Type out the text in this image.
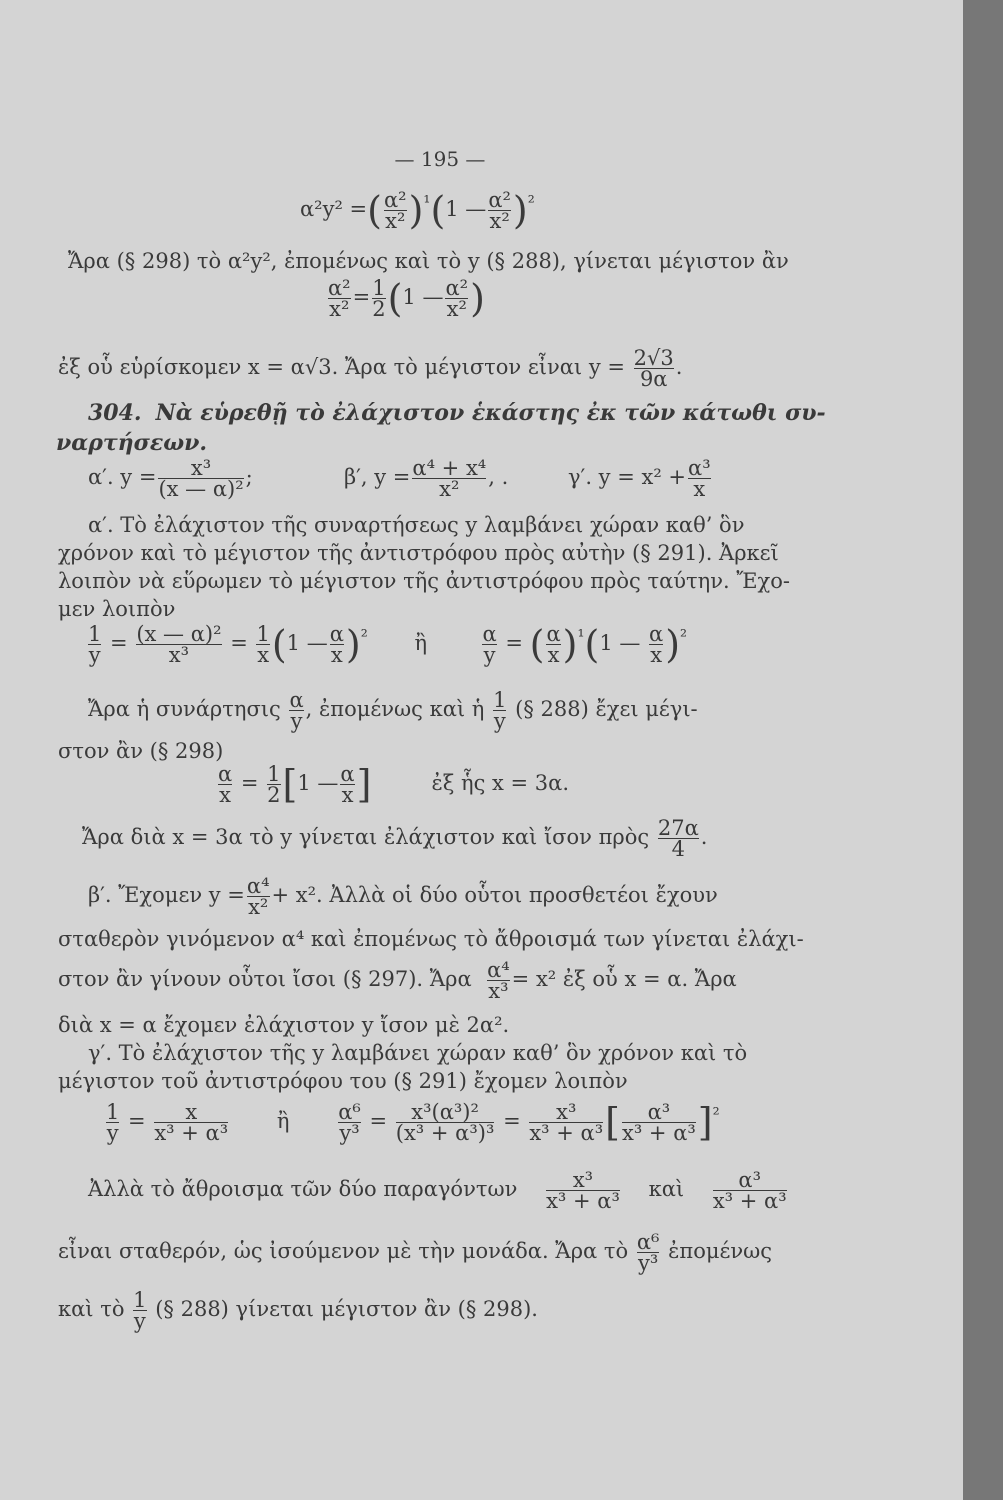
— 195 —
α²y² =( $\frac{\text{α²}}{\text{x²}} )^{^1}(1$ — $\frac{\text{α²}}{\text{x²}} )^{^2}$
Ἄρα (§ 298) τὸ α²y², ἐπομένως καὶ τὸ y (§ 288), γίνεται μέγιστον ἂν
$\frac{\text{α²}}{\text{x²}} = \frac{1}{2} (1$ — $\frac{\text{α²}}{\text{x²}}$ )
ἐξ οὗ εὑρίσκομεν x = α√3. Ἄρα τὸ μέγιστον εἶναι $y = \frac{2√3}{9\alpha}$ .
304. Νὰ εὑρεθῇ τὸ ἐλάχιστον ἑκάστης ἐκ τῶν κάτωθι συ-
ναρτήσεων.
α′. $y = \frac{\text{x³}}{\text{(x — α)²}}$ ;	β′, $y = \frac{\text{α⁴ + x⁴}}{\text{x²}}$ , .	γ′. $y = x^2 + \frac{\text{α³}}{x}$
α′. Τὸ ἐλάχιστον τῆς συναρτήσεως y λαμβάνει χώραν καθ’ ὃν
χρόνον καὶ τὸ μέγιστον τῆς ἀντιστρόφου πρὸς αὐτὴν (§ 291). Ἀρκεῖ
λοιπὸν νὰ εὕρωμεν τὸ μέγιστον τῆς ἀντιστρόφου πρὸς ταύτην. Ἔχο-
μεν λοιπὸν
$\frac{1}{y} = \frac{\text{(x — α)²}}{\text{x³}} = \frac{1}{x} (1$ — $\frac{\alpha}{x} )^{^2}$ ἢ	$\frac{\alpha}{y}$ = ( $\frac{\alpha}{x} )^{^1}(1$ — $\frac{\alpha}{x} )^{^2}$
Ἄρα ἡ συνάρτησις $\frac{\alpha}{y}$ , ἐπομένως καὶ ἡ $\frac{1}{y}$ (§ 288) ἔχει μέγι-
στον ἂν (§ 298)
$\frac{\alpha}{x} = \frac{1}{2} [1$ — $\frac{\alpha}{x}$ ]	ἐξ ἧς x = 3α.
Ἄρα διὰ x = 3α τὸ y γίνεται ἐλάχιστον καὶ ἴσον πρὸς $\frac{27\alpha}{4}$ .
β′. Ἔχομεν $y = \frac{\text{α⁴}}{\text{x²}} + x^2$. Ἀλλὰ οἱ δύο οὗτοι προσθετέοι ἔχουν
σταθερὸν γινόμενον α⁴ καὶ ἐπομένως τὸ ἄθροισμά των γίνεται ἐλάχι-
στον ἂν γίνουν οὗτοι ἴσοι (§ 297). Ἄρα $\frac{\text{α⁴}}{\text{x³}} = x^2$ ἐξ οὗ x = α. Ἄρα
διὰ x = α ἔχομεν ἐλάχιστον y ἴσον μὲ 2α².
γ′. Τὸ ἐλάχιστον τῆς y λαμβάνει χώραν καθ’ ὃν χρόνον καὶ τὸ
μέγιστον τοῦ ἀντιστρόφου του (§ 291) ἔχομεν λοιπὸν
$\frac{1}{y} = \frac{x}{\text{x³ + α³}}$ ἢ $\frac{\text{α⁶}}{\text{y³}} = \frac{\text{x³(α³)²}}{\text{(x³ + α³)³}} = \frac{\text{x³}}{\text{x³ + α³}}$ [ $\frac{\text{α³}}{\text{x³ + α³}} ]^{^2}$
Ἀλλὰ τὸ ἄθροισμα τῶν δύο παραγόντων $\frac{\text{x³}}{\text{x³ + α³}}$ καὶ $\frac{\text{α³}}{\text{x³ + α³}}$
εἶναι σταθερόν, ὡς ἰσούμενον μὲ τὴν μονάδα. Ἄρα τὸ $\frac{\text{α⁶}}{\text{y³}}$ ἐπομένως
καὶ τὸ $\frac{1}{y}$ (§ 288) γίνεται μέγιστον ἂν (§ 298).
